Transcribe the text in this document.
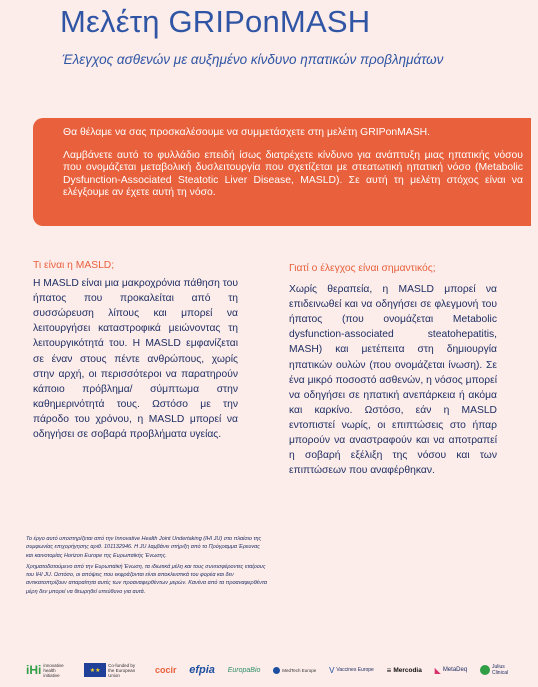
Μελέτη GRIPonMASH
Έλεγχος ασθενών με αυξημένο κίνδυνο ηπατικών προβλημάτων

Θα θέλαμε να σας προσκαλέσουμε να συμμετάσχετε στη μελέτη GRIPonMASH.

Λαμβάνετε αυτό το φυλλάδιο επειδή ίσως διατρέχετε κίνδυνο για ανάπτυξη μιας ηπατικής νόσου που ονομάζεται μεταβολική δυσλειτουργία που σχετίζεται με στεατωτική ηπατική νόσο (Metabolic Dysfunction-Associated Steatotic Liver Disease, MASLD). Σε αυτή τη μελέτη στόχος είναι να ελέγξουμε αν έχετε αυτή τη νόσο.

Τι είναι η MASLD;

Η MASLD είναι μια μακροχρόνια πάθηση του ήπατος που προκαλείται από τη συσσώρευση λίπους και μπορεί να λειτουργήσει καταστροφικά μειώνοντας τη λειτουργικότητά του. Η MASLD εμφανίζεται σε έναν στους πέντε ανθρώπους, χωρίς στην αρχή, οι περισσότεροι να παρατηρούν κάποιο πρόβλημα/ σύμπτωμα στην καθημερινότητά τους. Ωστόσο με την πάροδο του χρόνου, η MASLD μπορεί να οδηγήσει σε σοβαρά προβλήματα υγείας.

Γιατί ο έλεγχος είναι σημαντικός;

Χωρίς θεραπεία, η MASLD μπορεί να επιδεινωθεί και να οδηγήσει σε φλεγμονή του ήπατος (που ονομάζεται Metabolic dysfunction-associated steatohepatitis, MASH) και μετέπειτα στη δημιουργία ηπατικών ουλών (που ονομάζεται ίνωση). Σε ένα μικρό ποσοστό ασθενών, η νόσος μπορεί να οδηγήσει σε ηπατική ανεπάρκεια ή ακόμα και καρκίνο. Ωστόσο, εάν η MASLD εντοπιστεί νωρίς, οι επιπτώσεις στο ήπαρ μπορούν να αναστραφούν και να αποτραπεί η σοβαρή εξέλιξη της νόσου και των επιπτώσεων που αναφέρθηκαν.

Το έργο αυτό υποστηρίζεται από την Innovative Health Joint Undertaking (IHI JU) στο πλαίσιο της συμφωνίας επιχορήγησης αριθ. 101132946. Η JU λαμβάνει στήριξη από το Πρόγραμμα Έρευνας και καινοτομίας Horizon Europe της Ευρωπαϊκής Ένωσης.

Χρηματοδοτούμενο από την Ευρωπαϊκή Ένωση, τα ιδιωτικά μέλη και τους συνεισφέροντες εταίρους του IHI JU. Ωστόσο, οι απόψεις που εκφράζονται είναι αποκλειστικά του φορέα και δεν αντικατοπτρίζουν απαραίτητα αυτές των προαναφερθέντων μερών. Κανένα από τα προαναφερθέντα μέρη δεν μπορεί να θεωρηθεί υπεύθυνο για αυτά.

iHi innovative health initiative
★★
Co-funded by the European Union	cocir efpia EuropaBio	MedTech Europe V Vaccines Europe ≡ Mercodia ◣ MetaDeq	Julius Clinical
